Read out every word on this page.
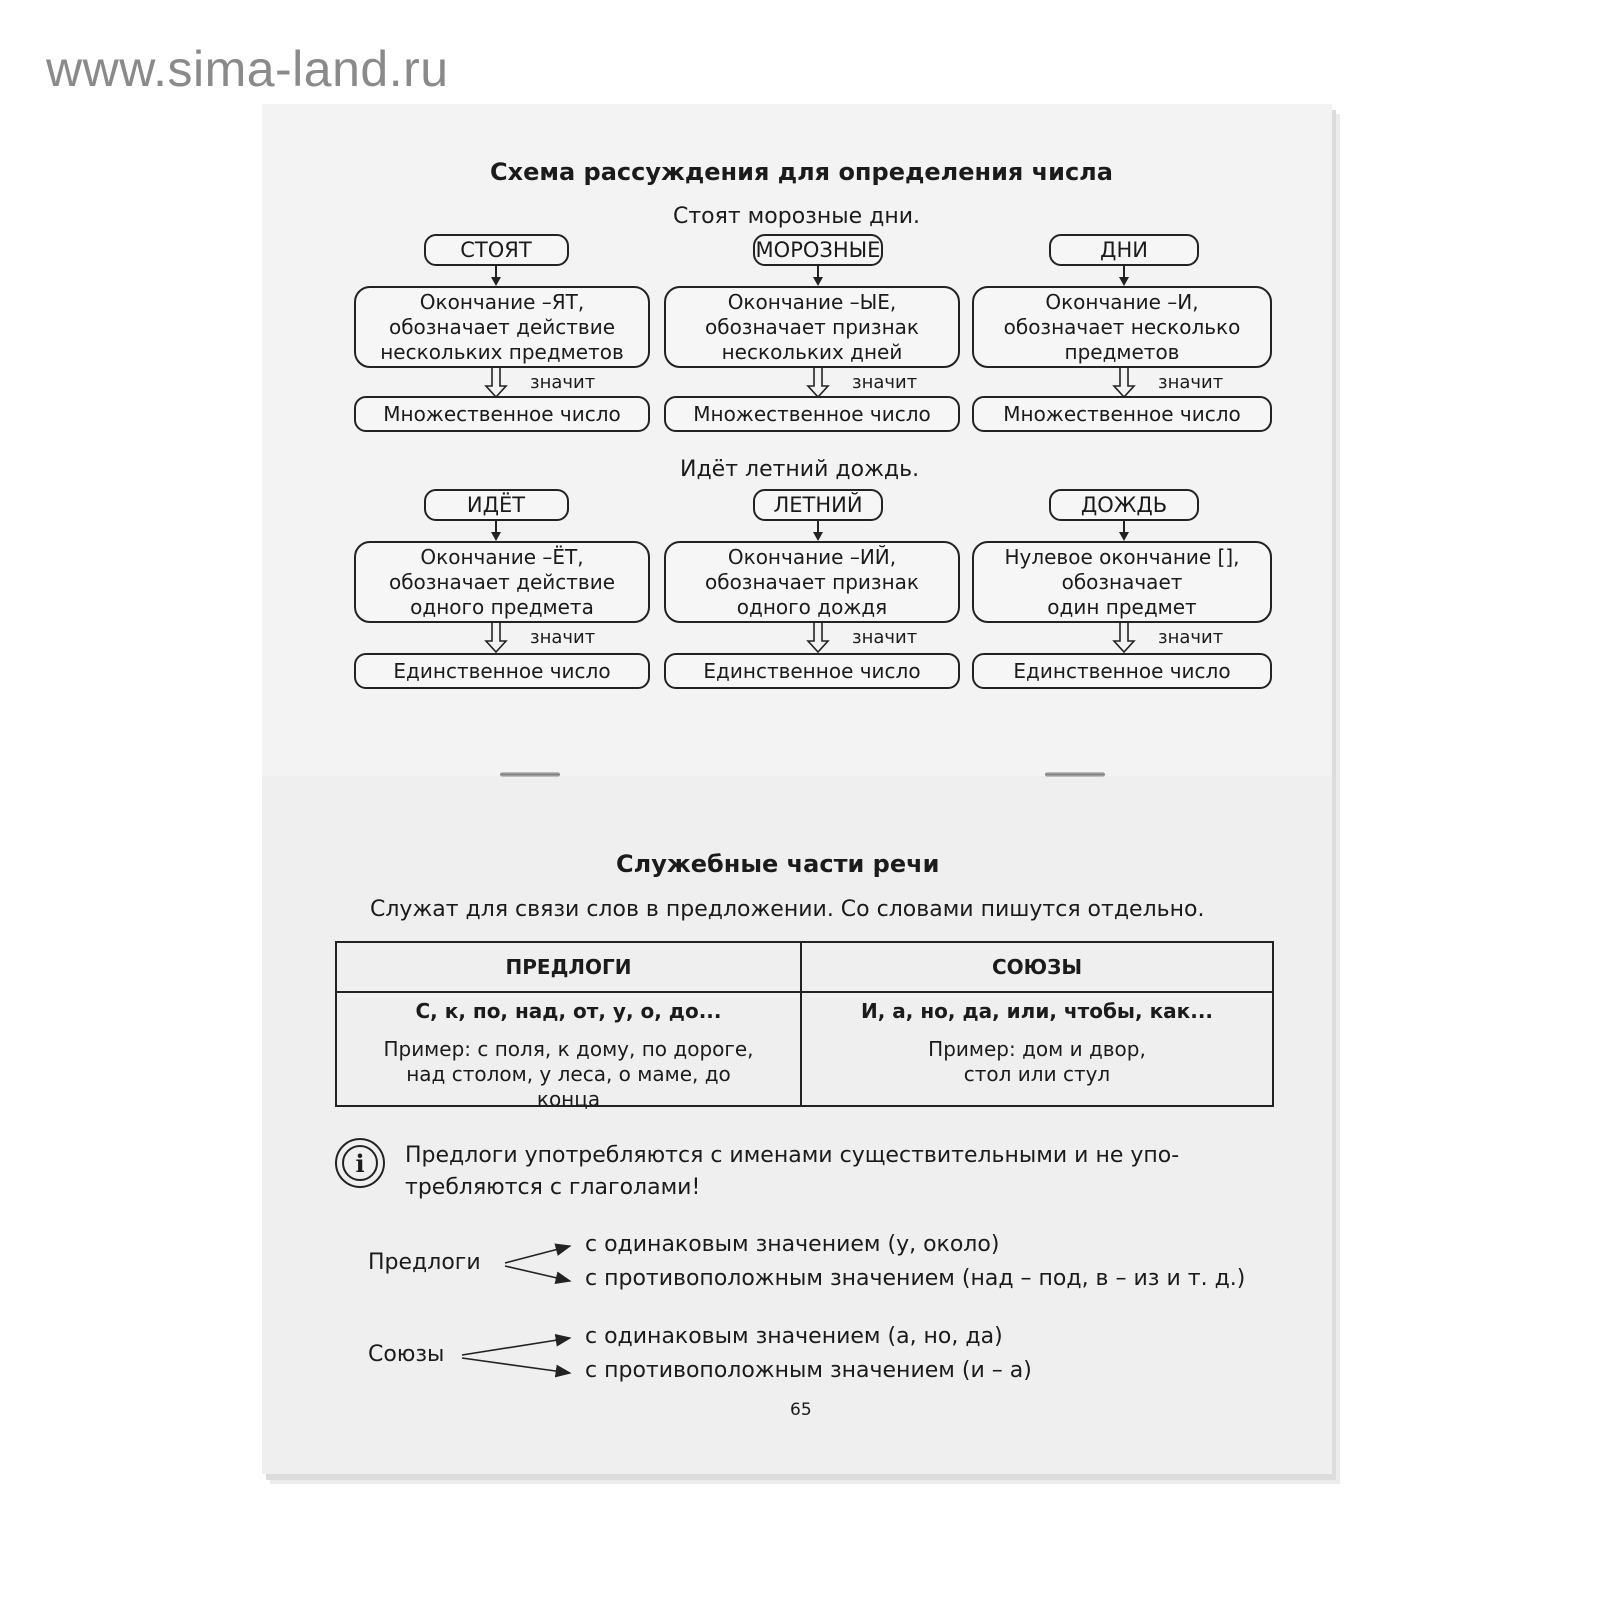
www.sima-land.ru
Схема рассуждения для определения числа
Стоят морозные дни.
Идёт летний дождь.
СТОЯТ
Окончание –ЯТ,
обозначает действие
нескольких предметов
значит
Множественное число
МОРОЗНЫЕ
Окончание –ЫЕ,
обозначает признак
нескольких дней
значит
Множественное число
ДНИ
Окончание –И,
обозначает несколько
предметов
значит
Множественное число
ИДЁТ
Окончание –ЁТ,
обозначает действие
одного предмета
значит
Единственное число
ЛЕТНИЙ
Окончание –ИЙ,
обозначает признак
одного дождя
значит
Единственное число
ДОЖДЬ
Нулевое окончание [],
обозначает
один предмет
значит
Единственное число
Служебные части речи
Служат для связи слов в предложении. Со словами пишутся отдельно.
ПРЕДЛОГИ
С, к, по, над, от, у, о, до...
Пример: с поля, к дому, по дороге,
над столом, у леса, о маме, до
конца
СОЮЗЫ
И, а, но, да, или, чтобы, как...
Пример: дом и двор,
стол или стул
i	Предлоги употребляются с именами существительными и не упо-
требляются с глаголами!
Предлоги
с одинаковым значением (у, около)
с противоположным значением (над – под, в – из и т. д.)
Союзы
с одинаковым значением (а, но, да)
с противоположным значением (и – а)
65
